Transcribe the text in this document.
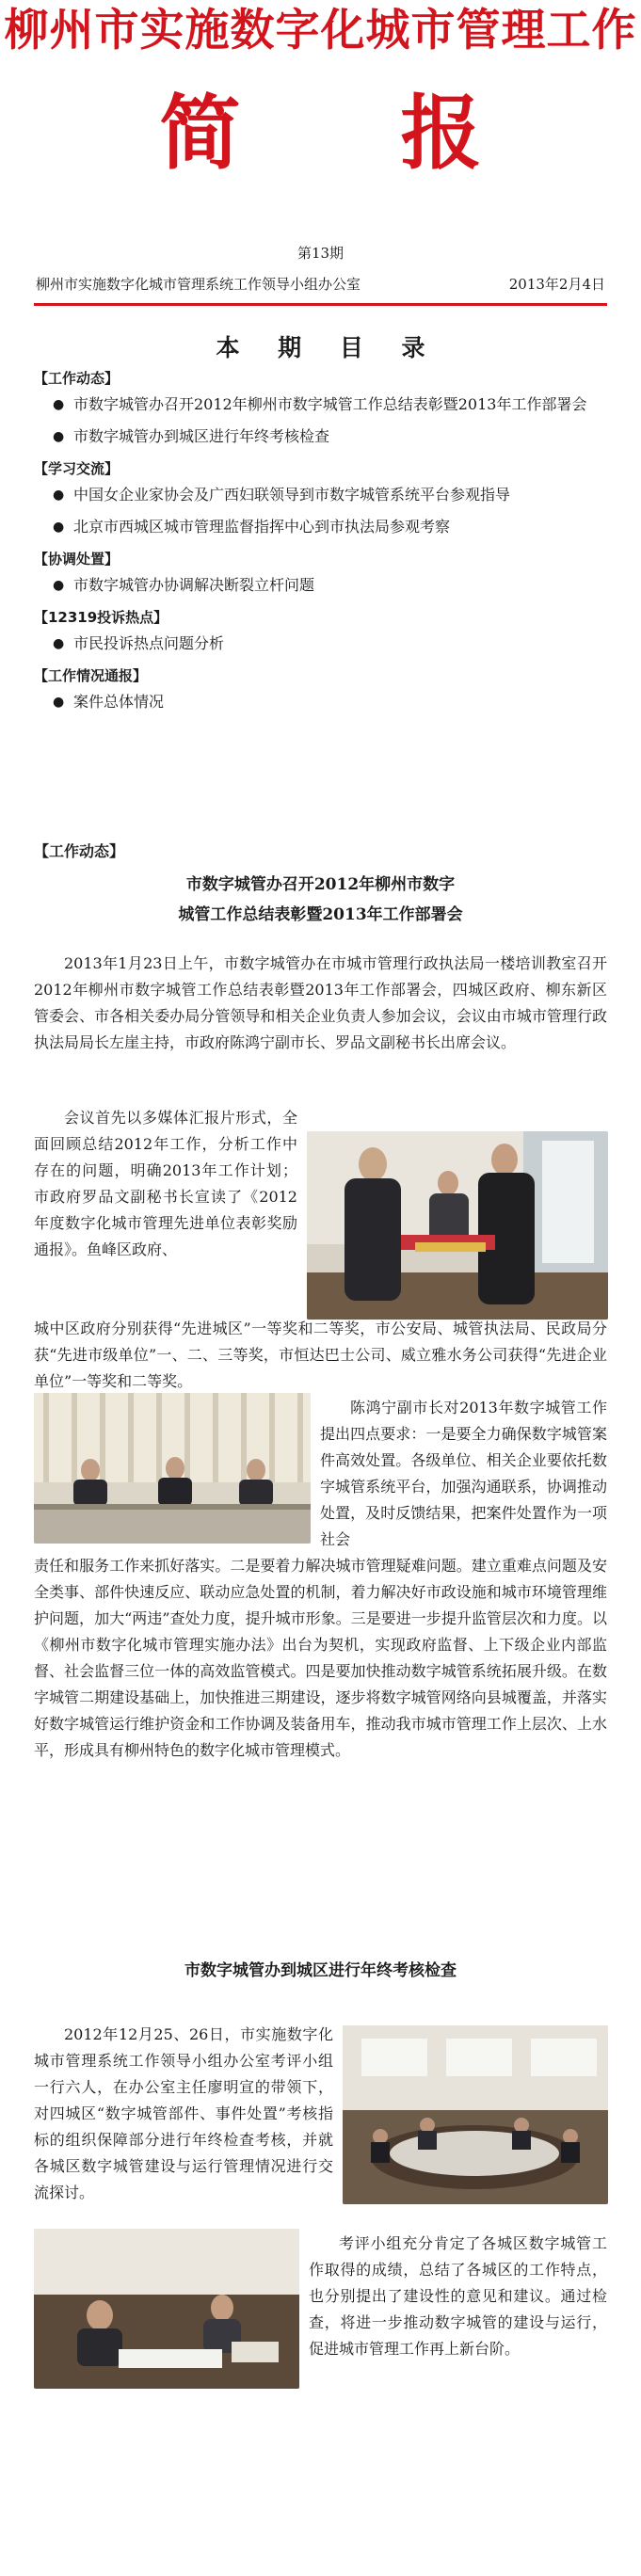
柳州市实施数字化城市管理工作
简 报
第13期
柳州市实施数字化城市管理系统工作领导小组办公室	2013年2月4日
本 期 目 录
【工作动态】
● 市数字城管办召开2012年柳州市数字城管工作总结表彰暨2013年工作部署会
● 市数字城管办到城区进行年终考核检查
【学习交流】
● 中国女企业家协会及广西妇联领导到市数字城管系统平台参观指导
● 北京市西城区城市管理监督指挥中心到市执法局参观考察
【协调处置】
● 市数字城管办协调解决断裂立杆问题
【12319投诉热点】
● 市民投诉热点问题分析
【工作情况通报】
● 案件总体情况
【工作动态】
市数字城管办召开2012年柳州市数字
城管工作总结表彰暨2013年工作部署会
2013年1月23日上午，市数字城管办在市城市管理行政执法局一楼培训教室召开2012年柳州市数字城管工作总结表彰暨2013年工作部署会，四城区政府、柳东新区管委会、市各相关委办局分管领导和相关企业负责人参加会议，会议由市城市管理行政执法局局长左崖主持，市政府陈鸿宁副市长、罗品文副秘书长出席会议。
会议首先以多媒体汇报片形式，全面回顾总结2012年工作，分析工作中存在的问题，明确2013年工作计划；市政府罗品文副秘书长宣读了《2012年度数字化城市管理先进单位表彰奖励通报》。鱼峰区政府、
城中区政府分别获得“先进城区”一等奖和二等奖，市公安局、城管执法局、民政局分获“先进市级单位”一、二、三等奖，市恒达巴士公司、威立雅水务公司获得“先进企业单位”一等奖和二等奖。
陈鸿宁副市长对2013年数字城管工作提出四点要求：一是要全力确保数字城管案件高效处置。各级单位、相关企业要依托数字城管系统平台，加强沟通联系，协调推动处置，及时反馈结果，把案件处置作为一项社会
责任和服务工作来抓好落实。二是要着力解决城市管理疑难问题。建立重难点问题及安全类事、部件快速反应、联动应急处置的机制，着力解决好市政设施和城市环境管理维护问题，加大“两违”查处力度，提升城市形象。三是要进一步提升监管层次和力度。以《柳州市数字化城市管理实施办法》出台为契机，实现政府监督、上下级企业内部监督、社会监督三位一体的高效监管模式。四是要加快推动数字城管系统拓展升级。在数字城管二期建设基础上，加快推进三期建设，逐步将数字城管网络向县城覆盖，并落实好数字城管运行维护资金和工作协调及装备用车，推动我市城市管理工作上层次、上水平，形成具有柳州特色的数字化城市管理模式。
市数字城管办到城区进行年终考核检查
2012年12月25、26日，市实施数字化城市管理系统工作领导小组办公室考评小组一行六人，在办公室主任廖明宣的带领下，对四城区“数字城管部件、事件处置”考核指标的组织保障部分进行年终检查考核，并就各城区数字城管建设与运行管理情况进行交流探讨。
考评小组充分肯定了各城区数字城管工作取得的成绩，总结了各城区的工作特点，也分别提出了建设性的意见和建议。通过检查，将进一步推动数字城管的建设与运行，促进城市管理工作再上新台阶。
